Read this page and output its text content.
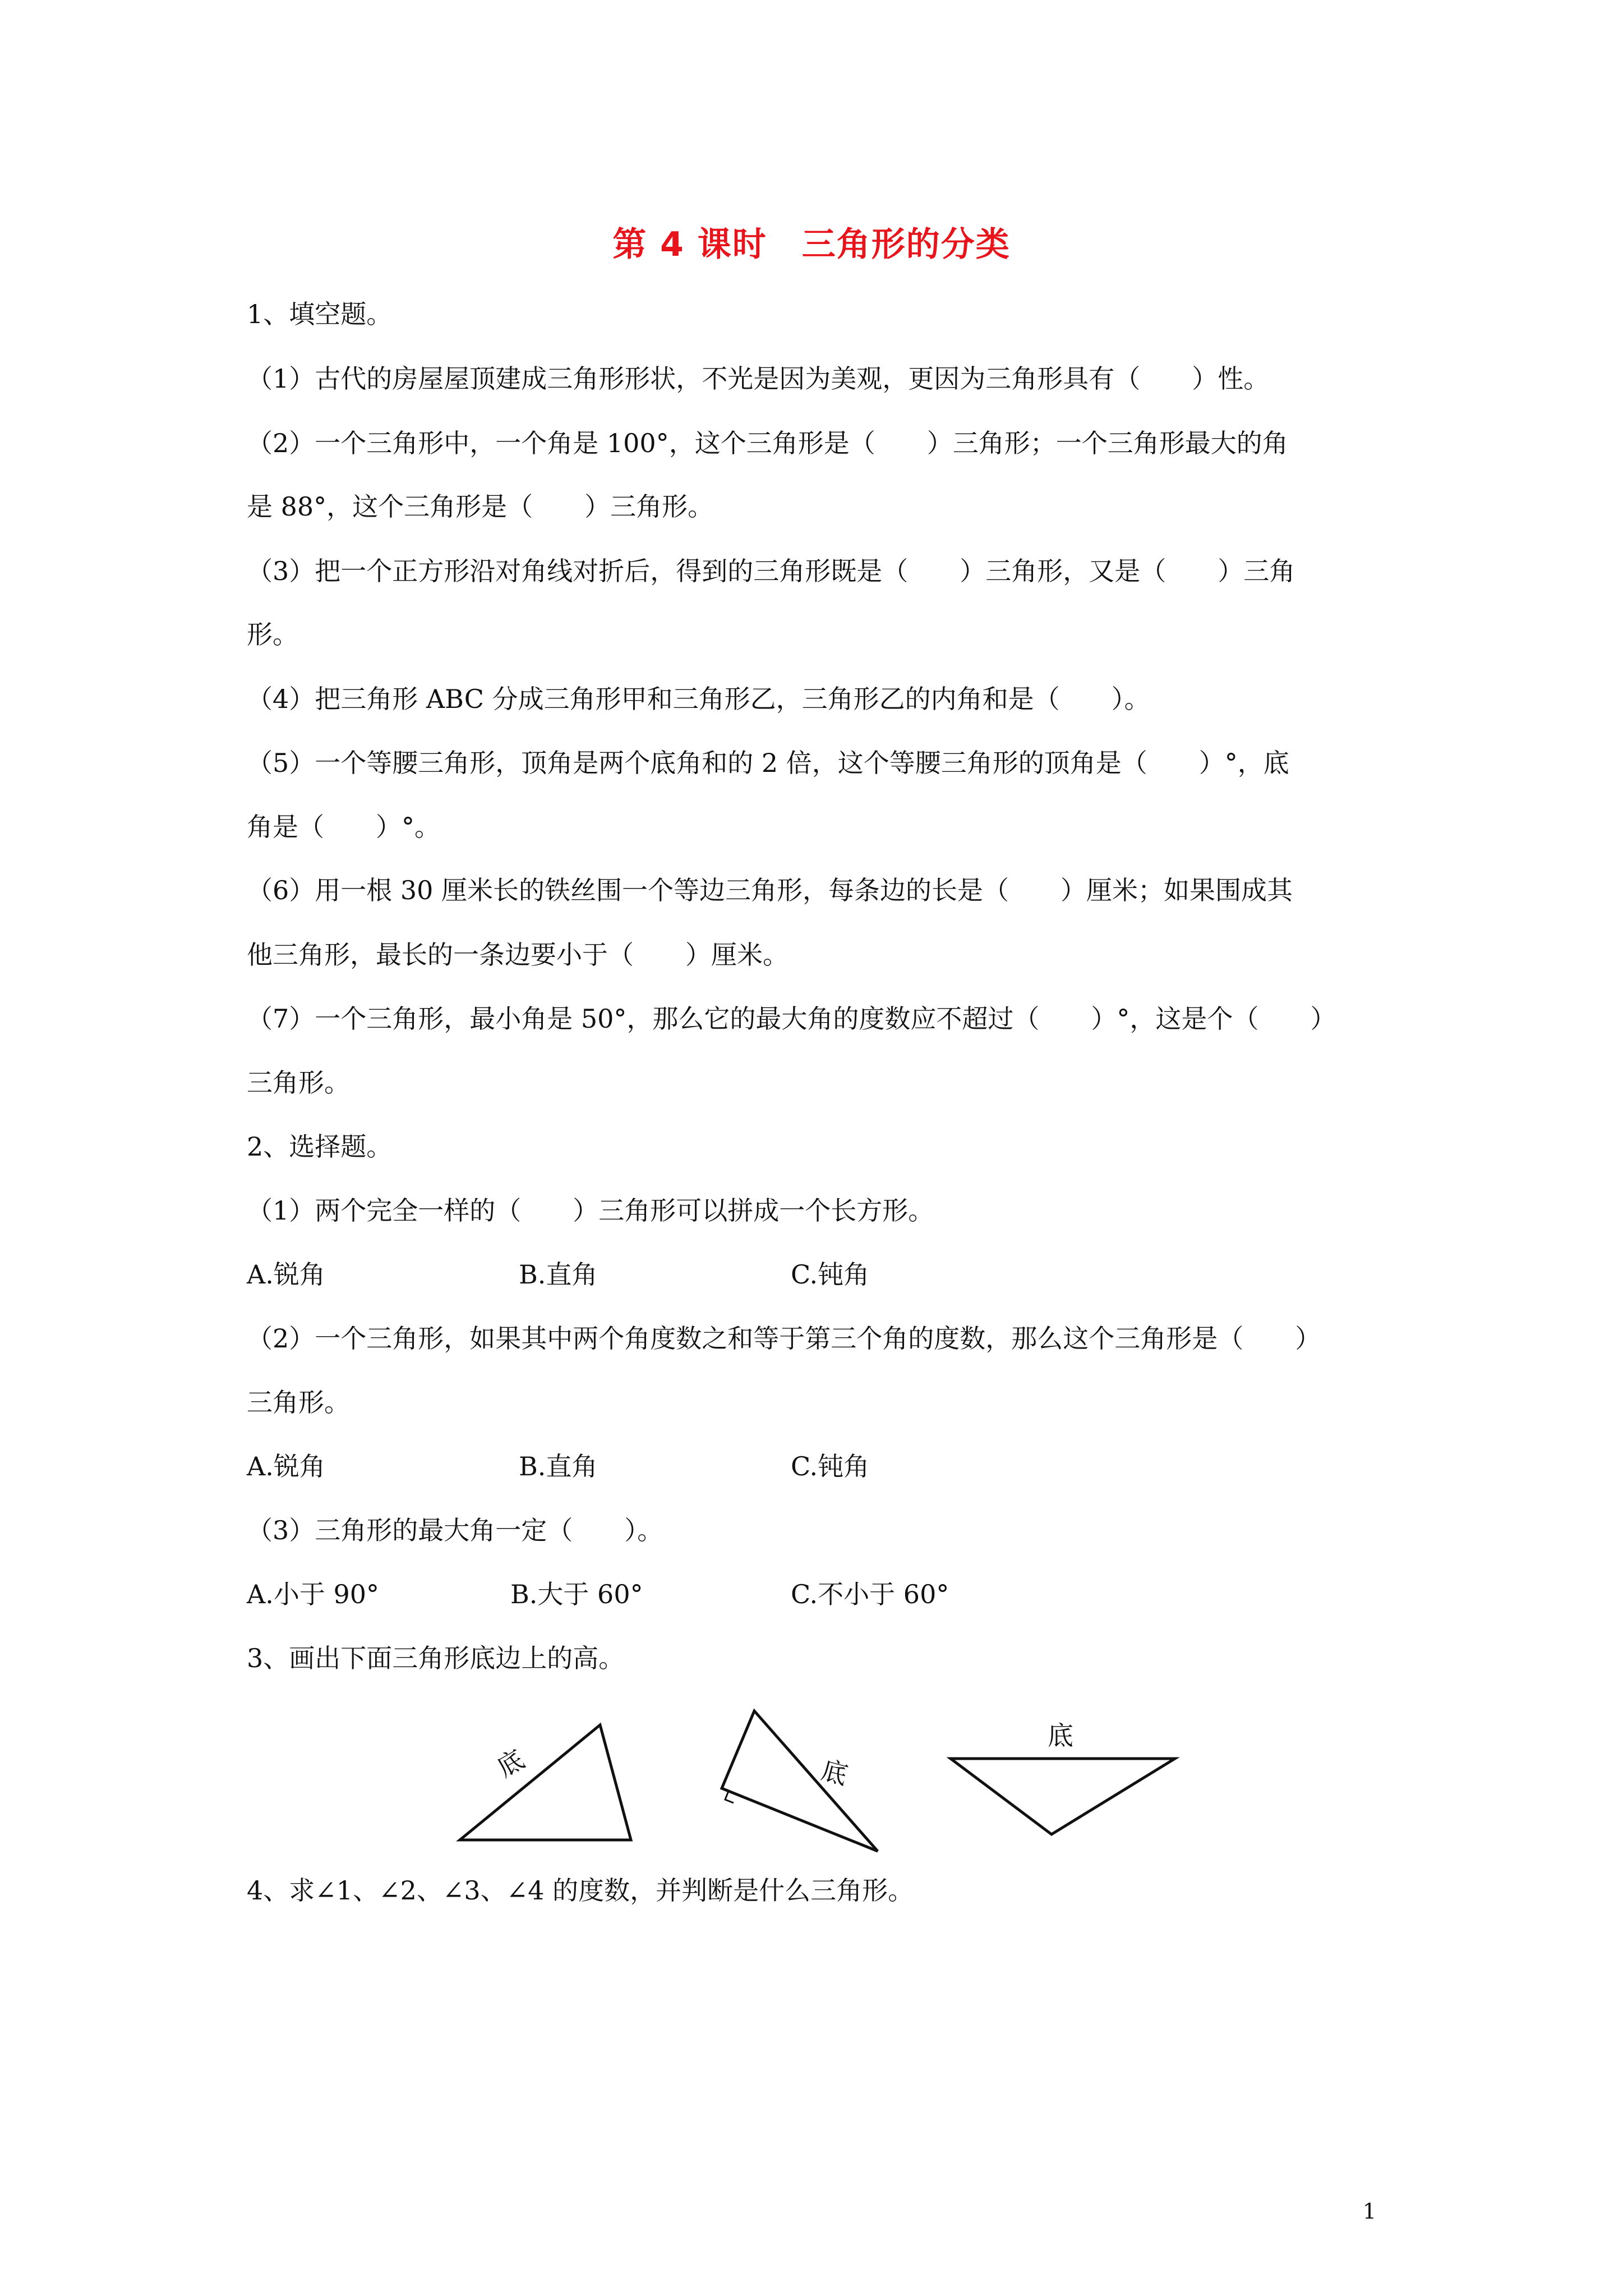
第 4 课时　三角形的分类
1、填空题。
（1）古代的房屋屋顶建成三角形形状，不光是因为美观，更因为三角形具有（　　）性。
（2）一个三角形中，一个角是 100°，这个三角形是（　　）三角形；一个三角形最大的角
是 88°，这个三角形是（　　）三角形。
（3）把一个正方形沿对角线对折后，得到的三角形既是（　　）三角形，又是（　　）三角
形。
（4）把三角形 ABC 分成三角形甲和三角形乙，三角形乙的内角和是（　　）。
（5）一个等腰三角形，顶角是两个底角和的 2 倍，这个等腰三角形的顶角是（　　）°，底
角是（　　）°。
（6）用一根 30 厘米长的铁丝围一个等边三角形，每条边的长是（　　）厘米；如果围成其
他三角形，最长的一条边要小于（　　）厘米。
（7）一个三角形，最小角是 50°，那么它的最大角的度数应不超过（　　）°，这是个（　　）
三角形。
2、选择题。
（1）两个完全一样的（　　）三角形可以拼成一个长方形。
A.锐角	B.直角	C.钝角
（2）一个三角形，如果其中两个角度数之和等于第三个角的度数，那么这个三角形是（　　）
三角形。
A.锐角	B.直角	C.钝角
（3）三角形的最大角一定（　　）。
A.小于 90°	B.大于 60°	C.不小于 60°
3、画出下面三角形底边上的高。
底	底
底
4、求∠1、∠2、∠3、∠4 的度数，并判断是什么三角形。
1
